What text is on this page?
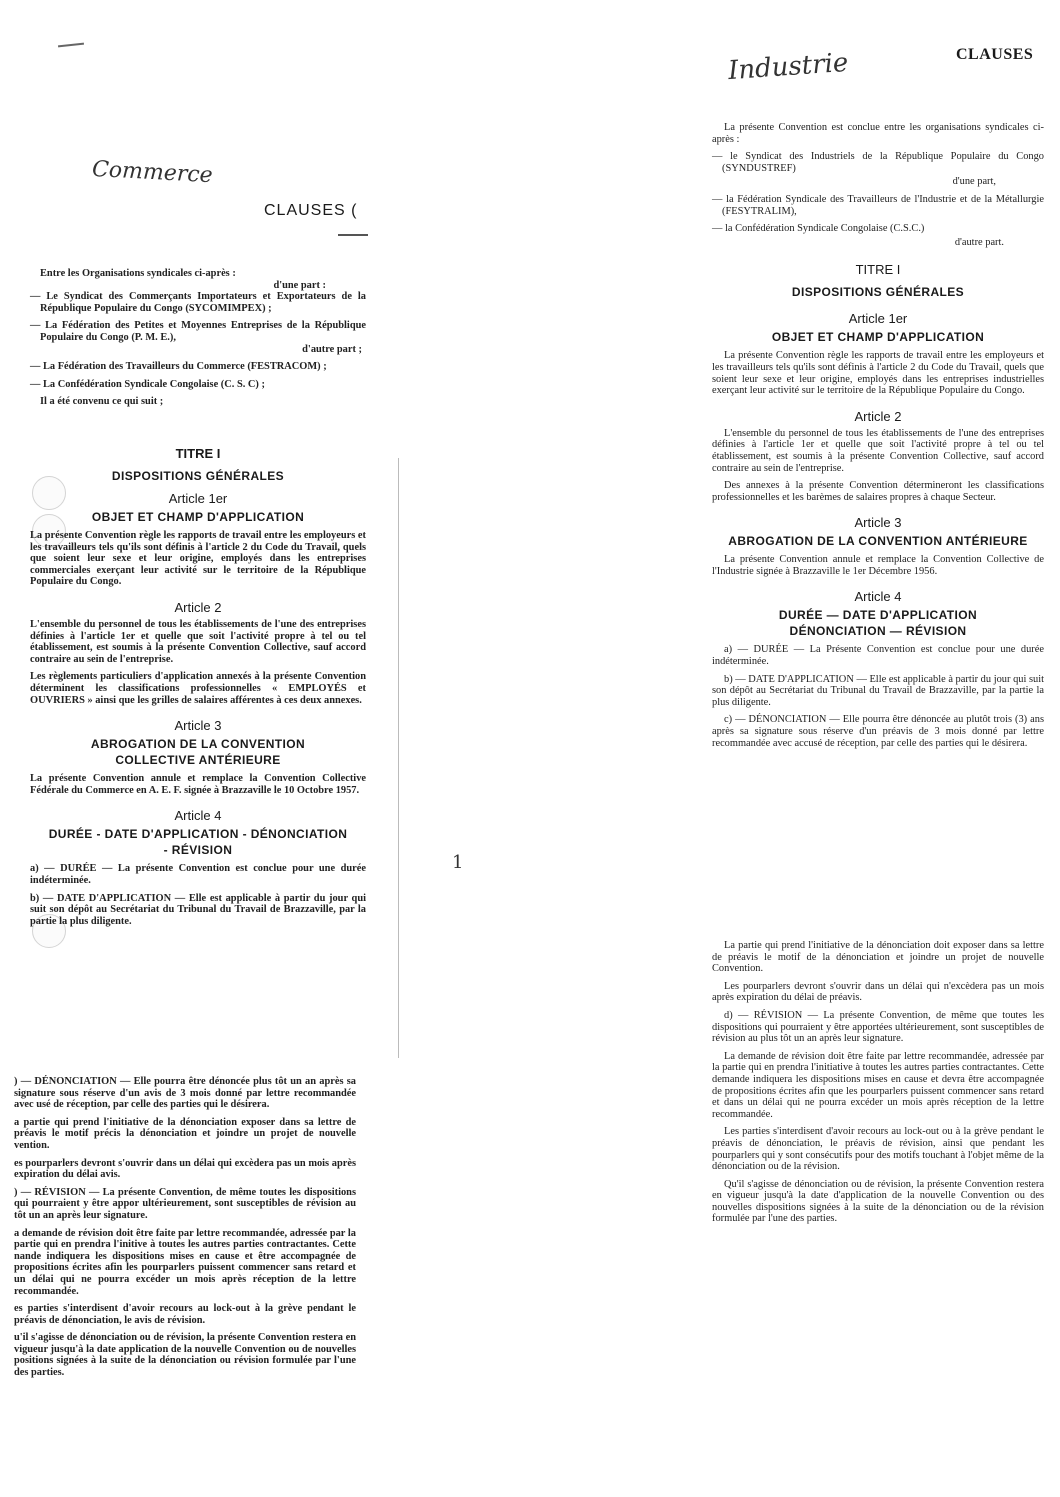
Industrie
Commerce
1
CLAUSES
CLAUSES (
Entre les Organisations syndicales ci-après :
d'une part :
— Le Syndicat des Commerçants Importateurs et Exportateurs de la République Populaire du Congo (SYCOMIMPEX) ;
— La Fédération des Petites et Moyennes Entreprises de la République Populaire du Congo (P. M. E.),
d'autre part ;
— La Fédération des Travailleurs du Commerce (FESTRACOM) ;
— La Confédération Syndicale Congolaise (C. S. C) ;
Il a été convenu ce qui suit ;
TITRE I
DISPOSITIONS GÉNÉRALES
Article 1er
OBJET ET CHAMP D'APPLICATION
La présente Convention règle les rapports de travail entre les employeurs et les travailleurs tels qu'ils sont définis à l'article 2 du Code du Travail, quels que soient leur sexe et leur origine, employés dans les entreprises commerciales exerçant leur activité sur le territoire de la République Populaire du Congo.
Article 2
L'ensemble du personnel de tous les établissements de l'une des entreprises définies à l'article 1er et quelle que soit l'activité propre à tel ou tel établissement, est soumis à la présente Convention Collective, sauf accord contraire au sein de l'entreprise.
Les règlements particuliers d'application annexés à la présente Convention déterminent les classifications professionnelles « EMPLOYÉS et OUVRIERS » ainsi que les grilles de salaires afférentes à ces deux annexes.
Article 3
ABROGATION DE LA CONVENTION
COLLECTIVE ANTÉRIEURE
La présente Convention annule et remplace la Convention Collective Fédérale du Commerce en A. E. F. signée à Brazzaville le 10 Octobre 1957.
Article 4
DURÉE - DATE D'APPLICATION - DÉNONCIATION
- RÉVISION
a) — DURÉE — La présente Convention est conclue pour une durée indéterminée.
b) — DATE D'APPLICATION — Elle est applicable à partir du jour qui suit son dépôt au Secrétariat du Tribunal du Travail de Brazzaville, par la partie la plus diligente.
) — DÉNONCIATION — Elle pourra être dénoncée plus tôt un an après sa signature sous réserve d'un avis de 3 mois donné par lettre recommandée avec usé de réception, par celle des parties qui le désirera.
a partie qui prend l'initiative de la dénonciation exposer dans sa lettre de préavis le motif précis la dénonciation et joindre un projet de nouvelle vention.
es pourparlers devront s'ouvrir dans un délai qui excèdera pas un mois après expiration du délai avis.
) — RÉVISION — La présente Convention, de même toutes les dispositions qui pourraient y être appor ultérieurement, sont susceptibles de révision au tôt un an après leur signature.
a demande de révision doit être faite par lettre recommandée, adressée par la partie qui en prendra l'initive à toutes les autres parties contractantes. Cette nande indiquera les dispositions mises en cause et être accompagnée de propositions écrites afin les pourparlers puissent commencer sans retard et un délai qui ne pourra excéder un mois après réception de la lettre recommandée.
es parties s'interdisent d'avoir recours au lock-out à la grève pendant le préavis de dénonciation, le avis de révision.
u'il s'agisse de dénonciation ou de révision, la présente Convention restera en vigueur jusqu'à la date application de la nouvelle Convention ou de nouvelles positions signées à la suite de la dénonciation ou révision formulée par l'une des parties.
La présente Convention est conclue entre les organisations syndicales ci-après :
— le Syndicat des Industriels de la République Populaire du Congo (SYNDUSTREF)
d'une part,
— la Fédération Syndicale des Travailleurs de l'Industrie et de la Métallurgie (FESYTRALIM),
— la Confédération Syndicale Congolaise (C.S.C.)
d'autre part.
TITRE I
DISPOSITIONS GÉNÉRALES
Article 1er
OBJET ET CHAMP D'APPLICATION
La présente Convention règle les rapports de travail entre les employeurs et les travailleurs tels qu'ils sont définis à l'article 2 du Code du Travail, quels que soient leur sexe et leur origine, employés dans les entreprises industrielles exerçant leur activité sur le territoire de la République Populaire du Congo.
Article 2
L'ensemble du personnel de tous les établissements de l'une des entreprises définies à l'article 1er et quelle que soit l'activité propre à tel ou tel établissement, est soumis à la présente Convention Collective, sauf accord contraire au sein de l'entreprise.
Des annexes à la présente Convention détermineront les classifications professionnelles et les barèmes de salaires propres à chaque Secteur.
Article 3
ABROGATION DE LA CONVENTION ANTÉRIEURE
La présente Convention annule et remplace la Convention Collective de l'Industrie signée à Brazzaville le 1er Décembre 1956.
Article 4
DURÉE — DATE D'APPLICATION
DÉNONCIATION — RÉVISION
a) — DURÉE — La Présente Convention est conclue pour une durée indéterminée.
b) — DATE D'APPLICATION — Elle est applicable à partir du jour qui suit son dépôt au Secrétariat du Tribunal du Travail de Brazzaville, par la partie la plus diligente.
c) — DÉNONCIATION — Elle pourra être dénoncée au plutôt trois (3) ans après sa signature sous réserve d'un préavis de 3 mois donné par lettre recommandée avec accusé de réception, par celle des parties qui le désirera.
La partie qui prend l'initiative de la dénonciation doit exposer dans sa lettre de préavis le motif de la dénonciation et joindre un projet de nouvelle Convention.
Les pourparlers devront s'ouvrir dans un délai qui n'excèdera pas un mois après expiration du délai de préavis.
d) — RÉVISION — La présente Convention, de même que toutes les dispositions qui pourraient y être apportées ultérieurement, sont susceptibles de révision au plus tôt un an après leur signature.
La demande de révision doit être faite par lettre recommandée, adressée par la partie qui en prendra l'initiative à toutes les autres parties contractantes. Cette demande indiquera les dispositions mises en cause et devra être accompagnée de propositions écrites afin que les pourparlers puissent commencer sans retard et dans un délai qui ne pourra excéder un mois après réception de la lettre recommandée.
Les parties s'interdisent d'avoir recours au lock-out ou à la grève pendant le préavis de dénonciation, le préavis de révision, ainsi que pendant les pourparlers qui y sont consécutifs pour des motifs touchant à l'objet même de la dénonciation ou de la révision.
Qu'il s'agisse de dénonciation ou de révision, la présente Convention restera en vigueur jusqu'à la date d'application de la nouvelle Convention ou des nouvelles dispositions signées à la suite de la dénonciation ou de la révision formulée par l'une des parties.
